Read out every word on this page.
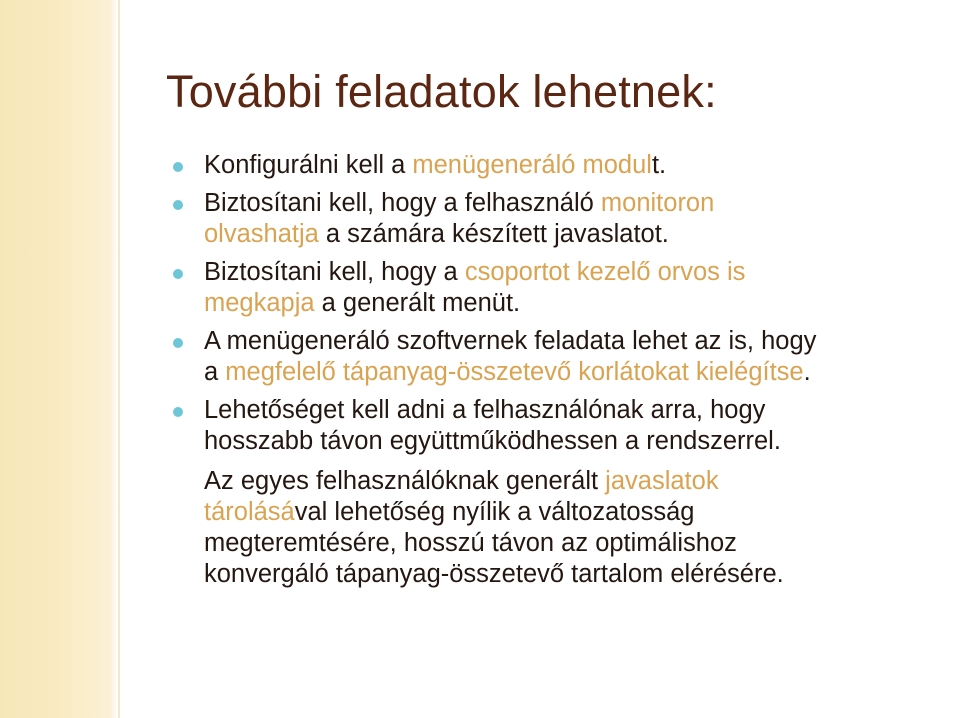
További feladatok lehetnek:
Konfigurálni kell a menügeneráló modult.
Biztosítani kell, hogy a felhasználó monitoron
olvashatja a számára készített javaslatot.
Biztosítani kell, hogy a csoportot kezelő orvos is
megkapja a generált menüt.
A menügeneráló szoftvernek feladata lehet az is, hogy
a megfelelő tápanyag-összetevő korlátokat kielégítse.
Lehetőséget kell adni a felhasználónak arra, hogy
hosszabb távon együttműködhessen a rendszerrel.
Az egyes felhasználóknak generált javaslatok
tárolásával lehetőség nyílik a változatosság
megteremtésére, hosszú távon az optimálishoz
konvergáló tápanyag-összetevő tartalom elérésére.
